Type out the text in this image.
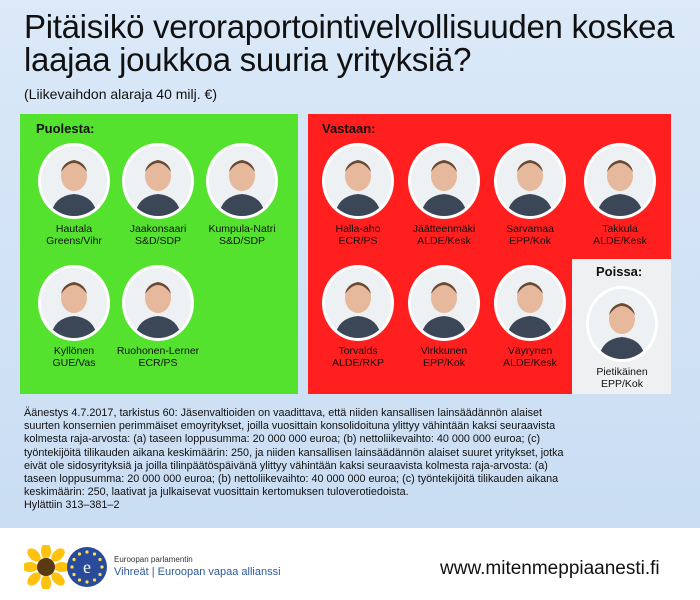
Pitäisikö veroraportointivelvollisuuden koskea laajaa joukkoa suuria yrityksiä?
(Liikevaihdon alaraja 40 milj. €)
Puolesta:	Vastaan:
Poissa:
Hautala
Greens/Vihr
Jaakonsaari
S&D/SDP
Kumpula-Natri
S&D/SDP
Kyllönen
GUE/Vas
Ruohonen-Lerner
ECR/PS
Halla-aho
ECR/PS
Jäätteenmäki
ALDE/Kesk
Sarvamaa
EPP/Kok
Takkula
ALDE/Kesk
Torvalds
ALDE/RKP
Virkkunen
EPP/Kok
Väyrynen
ALDE/Kesk
Pietikäinen
EPP/Kok
Äänestys 4.7.2017, tarkistus 60: Jäsenvaltioiden on vaadittava, että niiden kansallisen lainsäädännön alaiset
suurten konsernien perimmäiset emoyritykset, joilla vuosittain konsolidoituna ylittyy vähintään kaksi seuraavista
kolmesta raja-arvosta: (a) taseen loppusumma: 20 000 000 euroa; (b) nettoliikevaihto: 40 000 000 euroa; (c)
työntekijöitä tilikauden aikana keskimäärin: 250, ja niiden kansallisen lainsäädännön alaiset suuret yritykset, jotka
eivät ole sidosyrityksiä ja joilla tilinpäätöspäivänä ylittyy vähintään kaksi seuraavista kolmesta raja-arvosta: (a)
taseen loppusumma: 20 000 000 euroa; (b) nettoliikevaihto: 40 000 000 euroa; (c) työntekijöitä tilikauden aikana
keskimäärin: 250, laativat ja julkaisevat vuosittain kertomuksen tuloverotiedoista.
Hylättiin 313–381–2
e	Euroopan parlamentin
Vihreät | Euroopan vapaa allianssi	www.mitenmeppiaanesti.fi
